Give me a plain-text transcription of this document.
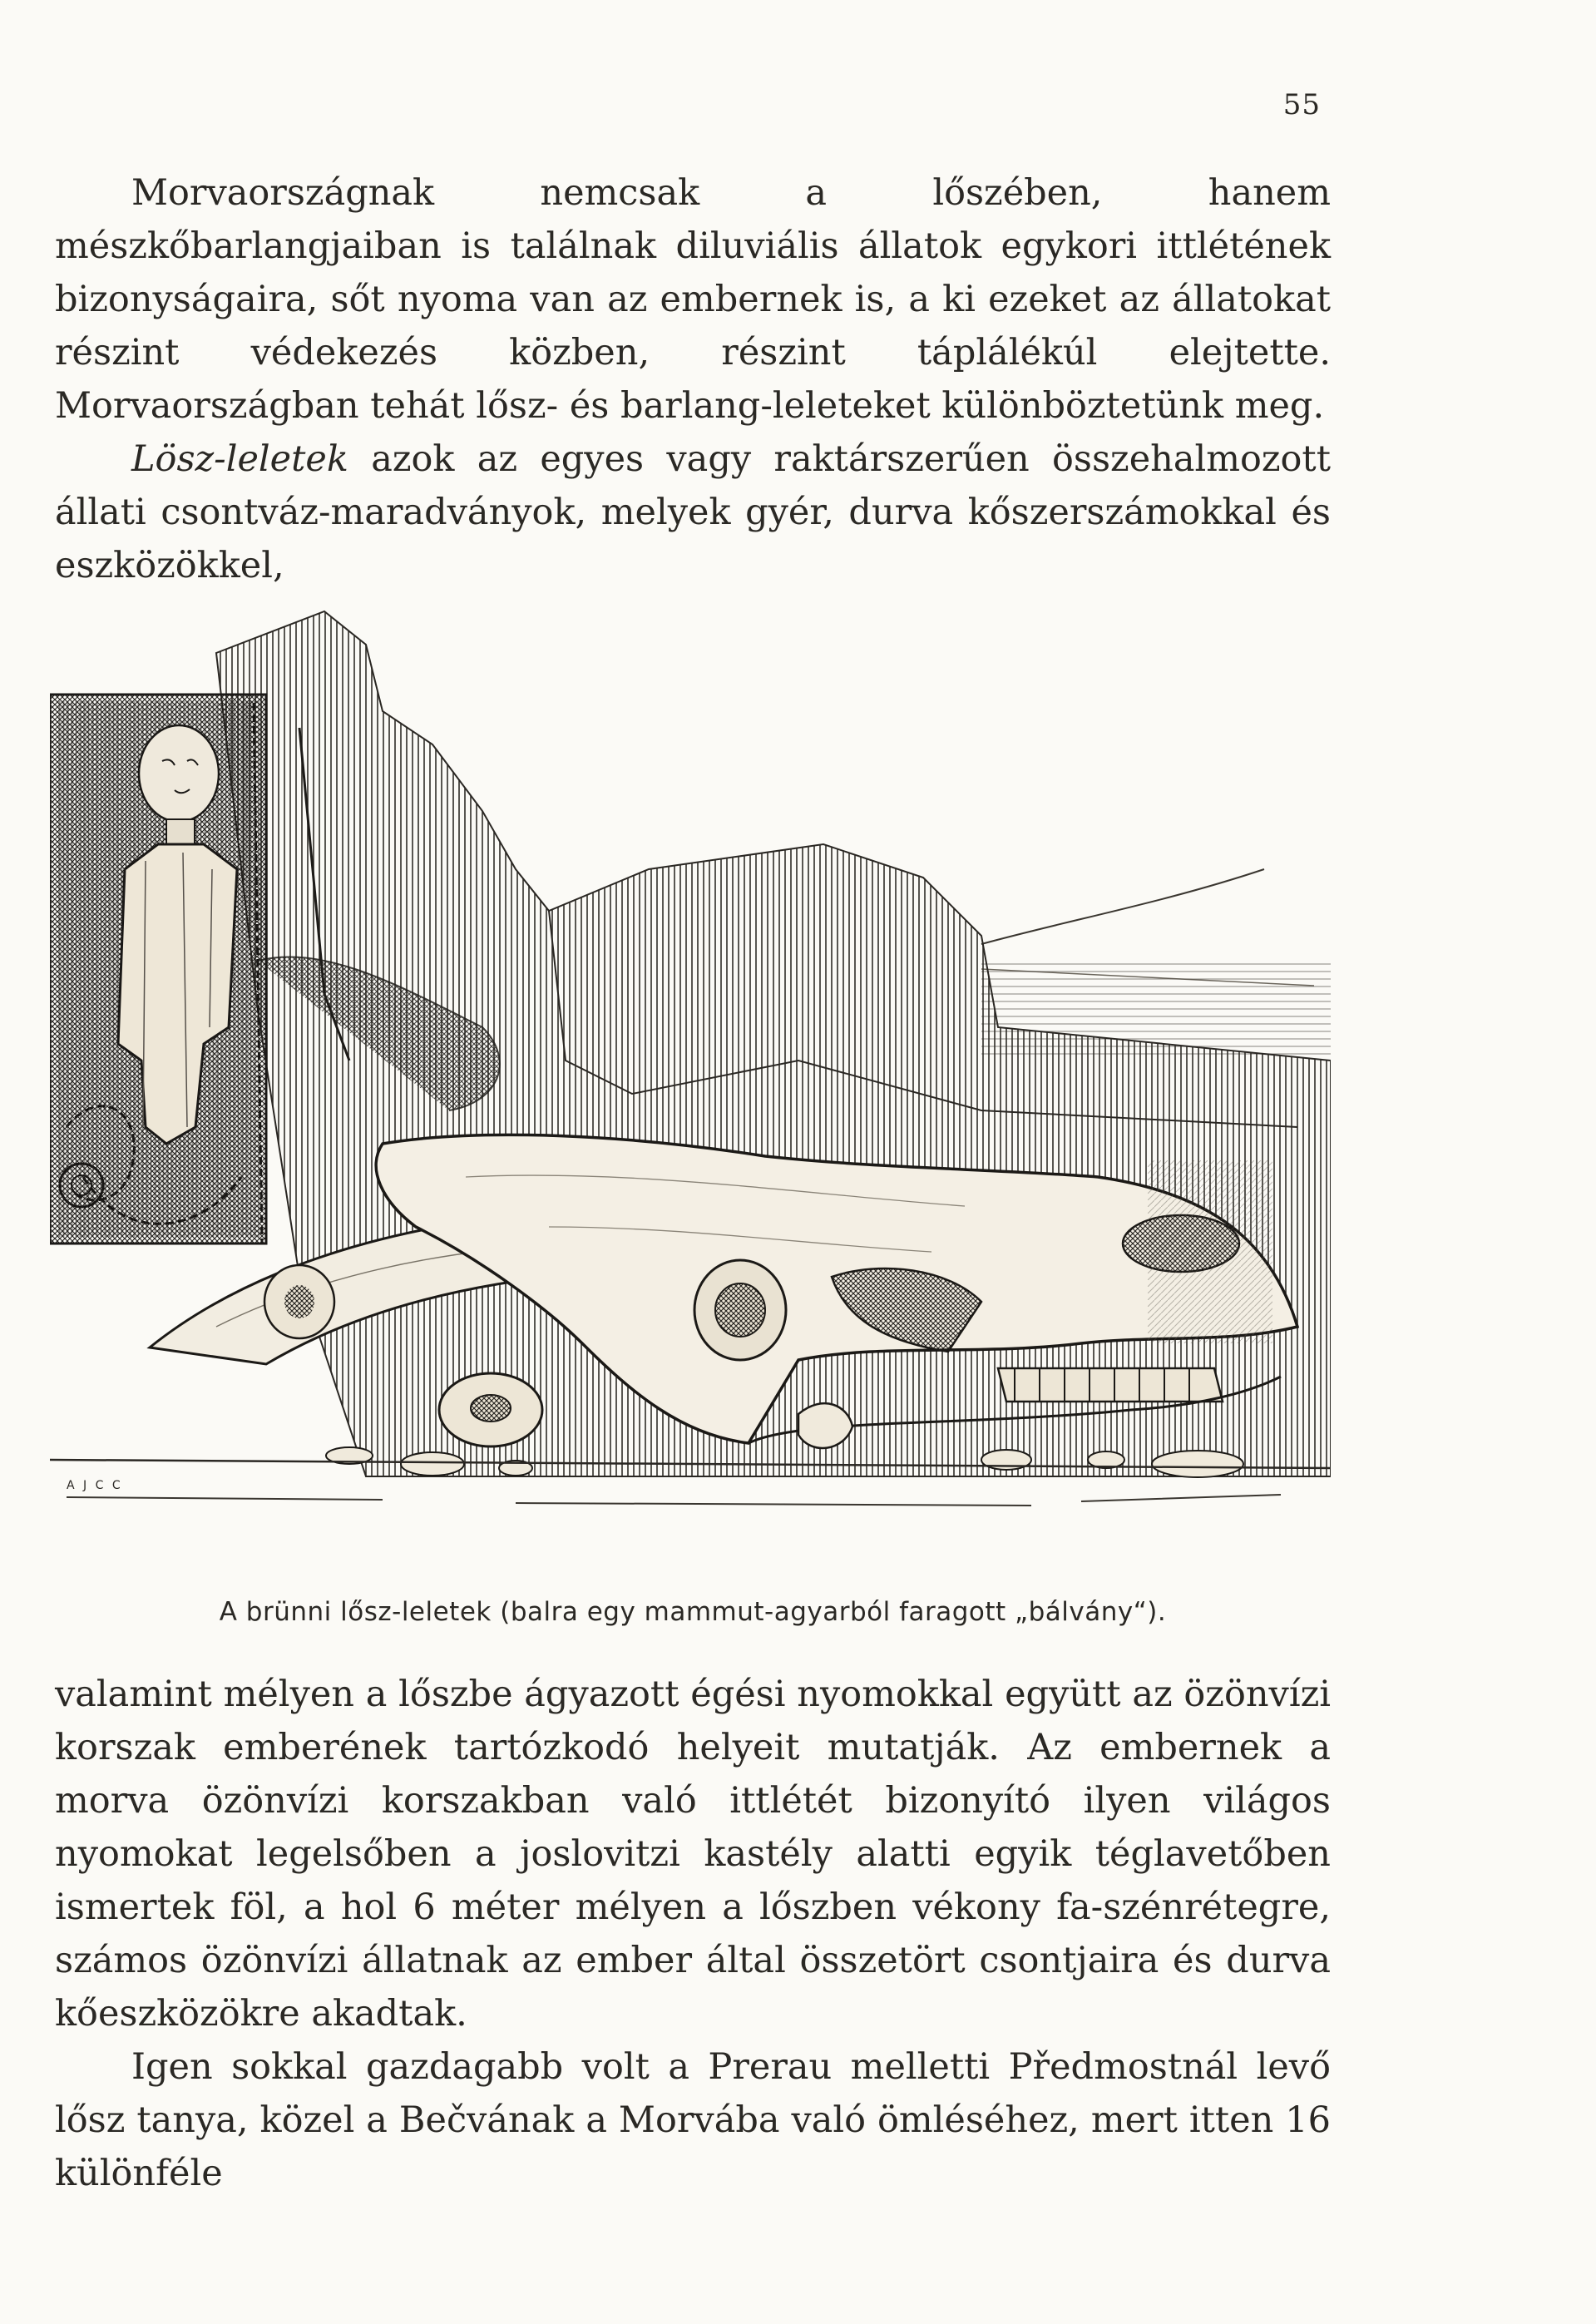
55

Morvaországnak nemcsak a lőszében, hanem mészkőbarlangjaiban is találnak diluviális állatok egykori ittlétének bizonyságaira, sőt nyoma van az embernek is, a ki ezeket az állatokat részint védekezés közben, részint táplálékúl elejtette. Morvaországban tehát lősz- és barlang-leleteket különböztetünk meg.

Lösz-leletek azok az egyes vagy raktárszerűen összehalmozott állati csontváz-maradványok, melyek gyér, durva kőszerszámokkal és eszközökkel,

A J C C
A brünni lősz-leletek (balra egy mammut-agyarból faragott „bálvány“).

valamint mélyen a lőszbe ágyazott égési nyomokkal együtt az özönvízi korszak emberének tartózkodó helyeit mutatják. Az embernek a morva özönvízi korszakban való ittlétét bizonyító ilyen világos nyomokat legelsőben a joslovitzi kastély alatti egyik téglavetőben ismertek föl, a hol 6 méter mélyen a lőszben vékony fa-szénrétegre, számos özönvízi állatnak az ember által összetört csontjaira és durva kőeszközökre akadtak.

Igen sokkal gazdagabb volt a Prerau melletti Předmostnál levő lősz tanya, közel a Bečvának a Morvába való ömléséhez, mert itten 16 különféle
